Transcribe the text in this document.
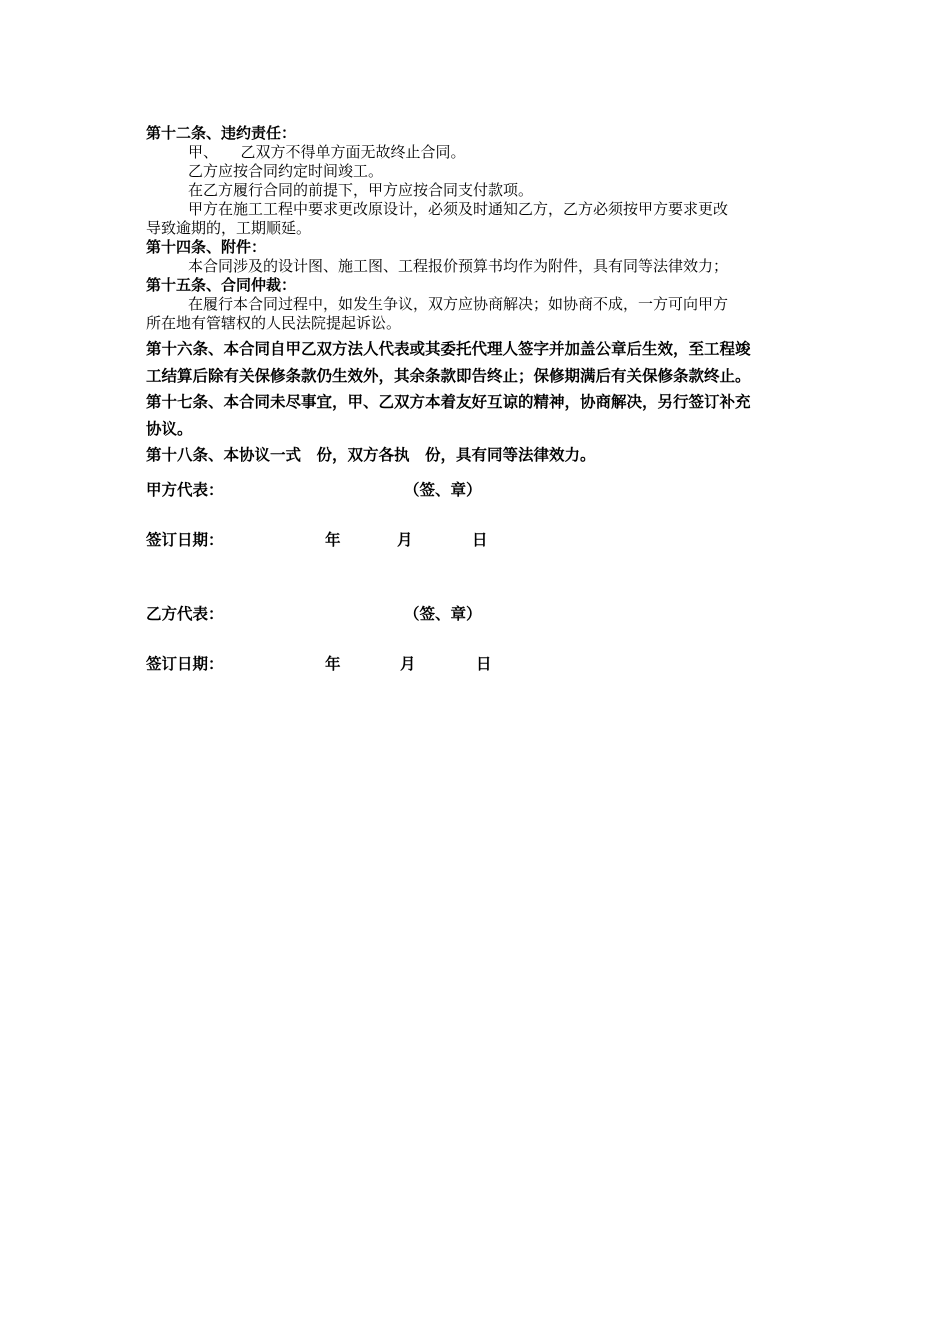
第十二条、违约责任：
甲、　　乙双方不得单方面无故终止合同。
乙方应按合同约定时间竣工。
在乙方履行合同的前提下，甲方应按合同支付款项。
甲方在施工工程中要求更改原设计，必须及时通知乙方，乙方必须按甲方要求更改
导致逾期的，工期顺延。
第十四条、附件：
本合同涉及的设计图、施工图、工程报价预算书均作为附件，具有同等法律效力；
第十五条、合同仲裁：
在履行本合同过程中，如发生争议，双方应协商解决；如协商不成，一方可向甲方
所在地有管辖权的人民法院提起诉讼。
第十六条、本合同自甲乙双方法人代表或其委托代理人签字并加盖公章后生效，至工程竣
工结算后除有关保修条款仍生效外，其余条款即告终止；保修期满后有关保修条款终止。
第十七条、本合同未尽事宜，甲、乙双方本着友好互谅的精神，协商解决，另行签订补充
协议。
第十八条、本协议一式　份，双方各执　份，具有同等法律效力。
甲方代表：	（签、章）
签订日期：	年	月	日
乙方代表：	（签、章）
签订日期：	年	月	日
